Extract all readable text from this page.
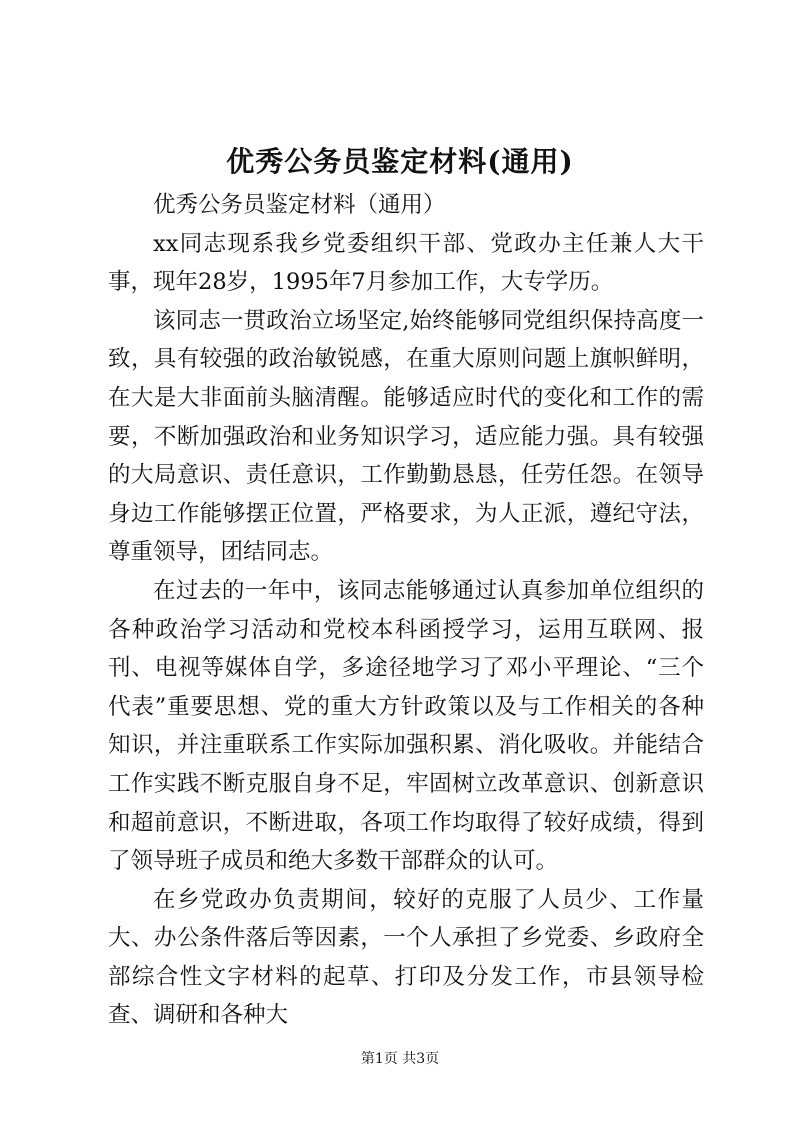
优秀公务员鉴定材料(通用)

优秀公务员鉴定材料（通用）

xx同志现系我乡党委组织干部、党政办主任兼人大干事，现年28岁，1995年7月参加工作，大专学历。

该同志一贯政治立场坚定,始终能够同党组织保持高度一致，具有较强的政治敏锐感，在重大原则问题上旗帜鲜明，在大是大非面前头脑清醒。能够适应时代的变化和工作的需要，不断加强政治和业务知识学习，适应能力强。具有较强的大局意识、责任意识，工作勤勤恳恳，任劳任怨。在领导身边工作能够摆正位置，严格要求，为人正派，遵纪守法，尊重领导，团结同志。

在过去的一年中，该同志能够通过认真参加单位组织的各种政治学习活动和党校本科函授学习，运用互联网、报刊、电视等媒体自学，多途径地学习了邓小平理论、“三个代表”重要思想、党的重大方针政策以及与工作相关的各种知识，并注重联系工作实际加强积累、消化吸收。并能结合工作实践不断克服自身不足，牢固树立改革意识、创新意识和超前意识，不断进取，各项工作均取得了较好成绩，得到了领导班子成员和绝大多数干部群众的认可。

在乡党政办负责期间，较好的克服了人员少、工作量大、办公条件落后等因素，一个人承担了乡党委、乡政府全部综合性文字材料的起草、打印及分发工作，市县领导检查、调研和各种大

第1页 共3页
